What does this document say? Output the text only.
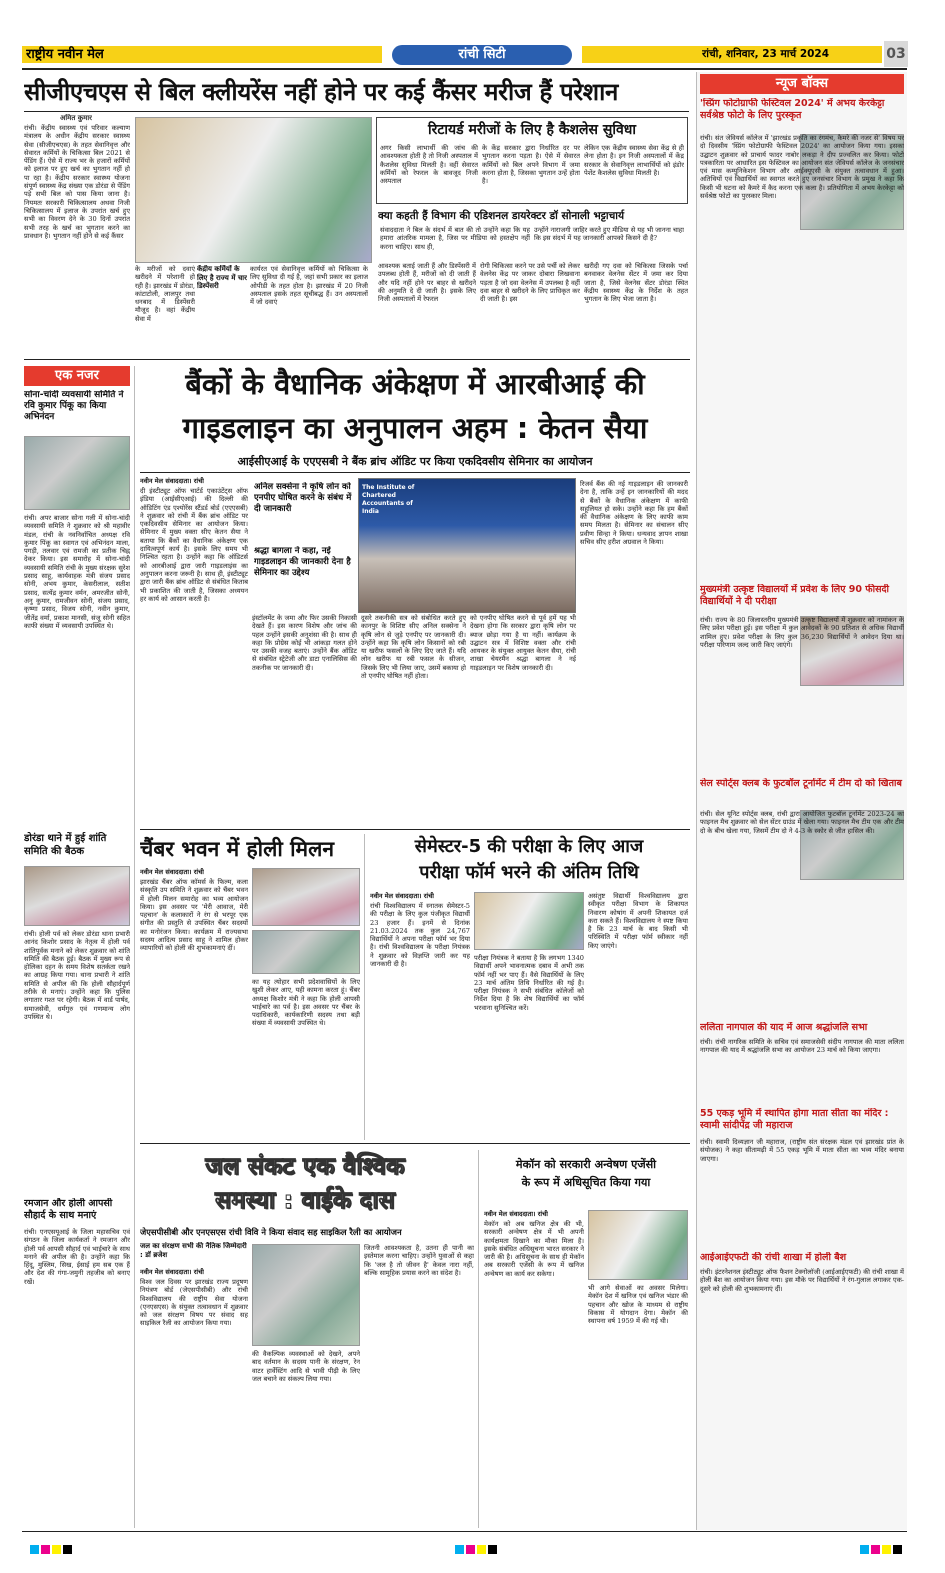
राष्ट्रीय नवीन मेल	रांची सिटी	रांची, शनिवार, 23 मार्च 2024	03
सीजीएचएस से बिल क्लीयरेंस नहीं होने पर कई कैंसर मरीज हैं परेशान
अमित कुमार
रांची। केंद्रीय स्वास्थ्य एवं परिवार कल्याण मंत्रालय के अधीन केंद्रीय सरकार स्वास्थ्य सेवा (सीजीएचएस) के तहत सेवानिवृत्त और सेवारत कर्मियों के चिकित्सा बिल 2021 से पेंडिंग हैं। ऐसे में राज्य भर के हजारों कर्मियों को इलाज पर हुए खर्च का भुगतान नहीं हो पा रहा है। केंद्रीय सरकार स्वास्थ्य योजना संपूर्ण स्वास्थ्य केंद्र संख्या एक डोरंडा से पेंडिंग पड़े सभी बिल को पास किया जाना है। नियमतः सरकारी चिकित्सालय अथवा निजी चिकित्सालय में इलाज के उपरांत खर्च हुए सभी का विवरण देने के 30 दिनों उपरांत सभी तरह के खर्च का भुगतान करने का प्रावधान है। भुगतान नहीं होने से कई कैंसर
केंद्रीय कर्मियों के लिए है राज्य में चार डिस्पेंसरी
के मरीजों को दवाएं खरीदने में परेशानी हो रही है। झारखंड में डोरंडा, कांटाटोली, लालपुर तथा धनबाद में डिस्पेंसरी मौजूद है। वहां केंद्रीय सेवा में
कार्यरत एवं सेवानिवृत्त कर्मियों को चिकित्सा के लिए सुविधा दी गई है, जहां सभी प्रकार का इलाज ओपीडी के तहत होता है। झारखंड में 20 निजी अस्पताल इसके तहत सूचीबद्ध हैं। उन अस्पतालों में जो दवाएं
रिटायर्ड मरीजों के लिए है कैशलेस सुविधा
अगर किसी लाभार्थी की जांच की आवश्यकता होती है तो निजी अस्पताल में कैशलेस सुविधा मिलती है। वहीं सेवारत कर्मियों को रेफरल के बावजूद निजी अस्पताल
के केंद्र सरकार द्वारा निर्धारित दर पर भुगतान करना पड़ता है। ऐसे में सेवारत कर्मियों को बिल अपने विभाग में जमा करना होता है, जिसका भुगतान उन्हें होता है।
लेकिन एक केंद्रीय स्वास्थ्य सेवा केंद्र से ही लेना होता है। इन निजी अस्पतालों में केंद्र सरकार के सेवानिवृत्त लाभार्थियों को इंडोर पेशेंट कैशलेस सुविधा मिलती है।
क्या कहती हैं विभाग की एडिशनल डायरेक्टर डॉ सोनाली भट्टाचार्य
संवाददाता ने बिल के संदर्भ में बात की तो उन्होंने कहा कि यह हमारा आंतरिक मामला है, जिस पर मीडिया को हस्तक्षेप नहीं करना चाहिए। साथ ही,
उन्होंने नाराजगी जाहिर करते हुए मीडिया से यह भी जानना चाहा कि इस संदर्भ में यह जानकारी आपको किसने दी है?
आवश्यक बताई जाती हैं और डिस्पेंसरी में उपलब्ध होती हैं, मरीजों को दी जाती हैं और यदि नहीं होने पर बाहर से खरीदने की अनुमति दे दी जाती है। इसके लिए निजी अस्पतालों में रेफरल
रोगी चिकित्सा करने पर उसे पर्ची को लेकर वेलनेस केंद्र पर जाकर दोबारा लिखवाना पड़ता है जो दवा वेलनेस में उपलब्ध है वहीं दवा बाहर से खरीदने के लिए प्राधिकृत कर दी जाती है। इस
खरीदी गए दवा को चिकित्सा जिसके पर्चा बनवाकर वेलनेस सेंटर में जमा कर दिया जाता है, जिसे वेलनेस सेंटर डोरंडा स्थित केंद्रीय स्वास्थ्य केंद्र के निर्देश के तहत भुगतान के लिए भेजा जाता है।
एक नजर
सोना-चांदी व्यवसायी समिति ने रवि कुमार पिंकू का किया अभिनंदन
रांची। अपर बाजार सोना गली में सोना-चांदी व्यवसायी समिति ने शुक्रवार को श्री महावीर मंडल, रांची के नवनिर्वाचित अध्यक्ष रवि कुमार पिंकू का स्वागत एवं अभिनंदन माला, पगड़ी, तलवार एवं रामजी का प्रतीक चिह्न देकर किया। इस समारोह में सोना-चांदी व्यवसायी समिति रांची के मुख्य संरक्षक सुरेश प्रसाद साहू, कार्यवाहक मंत्री संजय प्रसाद सोनी, अभय कुमार, केसरीलाल, सतीश प्रसाद, सत्येंद्र कुमार वर्मन, अमरजीत सोनी, अनु कुमार, रामजीवन सोनी, संजय प्रसाद, कृष्णा प्रसाद, विजय सोनी, नवीन कुमार, जीतेंद्र वर्मा, प्रकाश मानसी, संजू सोनी सहित काफी संख्या में व्यवसायी उपस्थित थे।
डोरंडा थाने में हुई शांति समिति की बैठक
रांची। होली पर्व को लेकर डोरंडा थाना प्रभारी आनंद किशोर प्रसाद के नेतृत्व में होली पर्व शांतिपूर्वक मनाने को लेकर शुक्रवार को शांति समिति की बैठक हुई। बैठक में मुख्य रूप से होलिका दहन के समय विशेष सतर्कता रखने का आग्रह किया गया। थाना प्रभारी ने शांति समिति से अपील की कि होली सौहार्दपूर्ण तरीके से मनाएं। उन्होंने कहा कि पुलिस लगातार गश्त पर रहेगी। बैठक में वार्ड पार्षद, समाजसेवी, धर्मगुरु एवं गणमान्य लोग उपस्थित थे।
रमजान और होली आपसी सौहार्द के साथ मनाएं
रांची। एनएसयूआई के जिला महासचिव एवं संगठन के जिला कार्यकर्ता ने रमजान और होली पर्व आपसी सौहार्द एवं भाईचारे के साथ मनाने की अपील की है। उन्होंने कहा कि हिंदू, मुस्लिम, सिख, ईसाई हम सब एक हैं और देश की गंगा-जमुनी तहजीब को बनाए रखें।
बैंकों के वैधानिक अंकेक्षण में आरबीआई की
गाइडलाइन का अनुपालन अहम : केतन सैया
आईसीएआई के एएएसबी ने बैंक ब्रांच ऑडिट पर किया एकदिवसीय सेमिनार का आयोजन
नवीन मेल संवाददाता। रांची
दी इंस्टीट्यूट ऑफ चार्टर्ड एकाउंटेंट्स ऑफ इंडिया (आईसीएआई) की दिल्ली की ऑडिटिंग एंड एश्योरेंस स्टैंडर्ड बोर्ड (एएएसबी) ने शुक्रवार को रांची में बैंक ब्रांच ऑडिट पर एकदिवसीय सेमिनार का आयोजन किया। सेमिनार में मुख्य वक्ता सीए केतन सैया ने बताया कि बैंकों का वैधानिक अंकेक्षण एक दायित्वपूर्ण कार्य है। इसके लिए समय भी निश्चित रहता है। उन्होंने कहा कि ऑडिटर्स को आरबीआई द्वारा जारी गाइडलाइंस का अनुपालन करना जरूरी है। साथ ही, इंस्टीट्यूट द्वारा जारी बैंक ब्रांच ऑडिट से संबंधित किताब भी प्रकाशित की जाती है, जिसका अध्ययन हर कार्य को आसान करती है।
अनिल सक्सेना ने कृषि लोन को एनपीए घोषित करने के संबंध में दी जानकारी
श्रद्धा बागला ने कहा, नई गाइडलाइन की जानकारी देना है सेमिनार का उद्देश्य
The Institute of Chartered Accountants of India
रिजर्व बैंक की नई गाइडलाइन की जानकारी देना है, ताकि उन्हें इन जानकारियों की मदद से बैंकों के वैधानिक अंकेक्षण में काफी सहूलियत हो सके। उन्होंने कहा कि हम बैंकों की वैधानिक अंकेक्षण के लिए काफी काम समय मिलता है। सेमिनार का संचालन सीए प्रवीण सिन्हा ने किया। धन्यवाद ज्ञापन शाखा सचिव सीए हरीश अग्रवाल ने किया।
इंस्टॉलमेंट के जमा और फिर उसकी निकासी देखते हैं। इस कारण विशेष और जांच की पहल उन्होंने इसकी अनुशंसा की है। साथ ही कहा कि प्रोग्रेस कोई भी आंकड़ा गलत होने पर उसकी वजह बताएं। उन्होंने बैंक ऑडिट से संबंधित स्ट्रेटेजी और डाटा एनालिसिस की तकनीक पर जानकारी दी।
दूसरे तकनीकी सत्र को संबोधित करते हुए कानपुर के विशिष्ट सीए अनिल सक्सेना ने कृषि लोन से जुड़े एनपीए पर जानकारी दी। उन्होंने कहा कि कृषि लोन किसानों को रबी या खरीफ फसलों के लिए दिए जाते हैं। यदि लोन खरीफ या रबी फसल के सीजन, जिसके लिए भी लिया जाए, उसमें बकाया हो तो एनपीए घोषित नहीं होता।
को एनपीए घोषित करने से पूर्व हमें यह भी देखना होगा कि सरकार द्वारा कृषि लोन पर ब्याज छोड़ा गया है या नहीं। कार्यक्रम के उद्घाटन सत्र में विशिष्ट वक्ता और रांची आयकर के संयुक्त आयुक्त केतन सैया, रांची शाखा चेयरमैन श्रद्धा बागला ने नई गाइडलाइन पर विशेष जानकारी दी।
चैंबर भवन में होली मिलन
नवीन मेल संवाददाता। रांची
झारखंड चैंबर ऑफ कॉमर्स के फिल्म, कला संस्कृति उप समिति ने शुक्रवार को चैंबर भवन में होली मिलन समारोह का भव्य आयोजन किया। इस अवसर पर 'मेरी आवाज, मेरी पहचान' के कलाकारों ने रंग से भरपूर एक संगीत की प्रस्तुति से उपस्थित चैंबर सदस्यों का मनोरंजन किया। कार्यक्रम में राज्यसभा सदस्य आदित्य प्रसाद साहू ने शामिल होकर व्यापारियों को होली की शुभकामनाएं दीं।
का यह त्योहार सभी प्रदेशवासियों के लिए खुशी लेकर आए, यही कामना करता हूं। चैंबर अध्यक्ष किशोर मंत्री ने कहा कि होली आपसी भाईचारे का पर्व है। इस अवसर पर चैंबर के पदाधिकारी, कार्यकारिणी सदस्य तथा बड़ी संख्या में व्यवसायी उपस्थित थे।
सेमेस्टर-5 की परीक्षा के लिए आज
परीक्षा फॉर्म भरने की अंतिम तिथि
नवीन मेल संवाददाता। रांची
रांची विश्वविद्यालय में स्नातक सेमेस्टर-5 की परीक्षा के लिए कुल पंजीकृत विद्यार्थी 23 हजार हैं। इनमें से दिनांक 21.03.2024 तक कुल 24,767 विद्यार्थियों ने अपना परीक्षा फॉर्म भर दिया है। रांची विश्वविद्यालय के परीक्षा नियंत्रक ने शुक्रवार को विज्ञप्ति जारी कर यह जानकारी दी है।
परीक्षा नियंत्रक ने बताया है कि लगभग 1340 विद्यार्थी अपने भावनात्मक दबाव में अभी तक फॉर्म नहीं भर पाए हैं। वैसे विद्यार्थियों के लिए 23 मार्च अंतिम तिथि निर्धारित की गई है। परीक्षा नियंत्रक ने सभी संबंधित कॉलेजों को निर्देश दिया है कि शेष विद्यार्थियों का फॉर्म भरवाना सुनिश्चित करें।
असंतुष्ट विद्यार्थी विश्वविद्यालय द्वारा स्वीकृत परीक्षा विभाग के शिकायत निवारण कोषांग में अपनी शिकायत दर्ज करा सकते हैं। विश्वविद्यालय ने स्पष्ट किया है कि 23 मार्च के बाद किसी भी परिस्थिति में परीक्षा फॉर्म स्वीकार नहीं किए जाएंगे।
जल संकट एक वैश्विक
समस्या : वाईके दास
जेएसपीसीबी और एनएसएस रांची विवि ने किया संवाद सह साइकिल रैली का आयोजन
जल का संरक्षण सभी की नैतिक जिम्मेदारी : डॉ ब्रजेश
नवीन मेल संवाददाता। रांची
विश्व जल दिवस पर झारखंड राज्य प्रदूषण नियंत्रण बोर्ड (जेएसपीसीबी) और रांची विश्वविद्यालय की राष्ट्रीय सेवा योजना (एनएसएस) के संयुक्त तत्वावधान में शुक्रवार को जल संरक्षण विषय पर संवाद सह साइकिल रैली का आयोजन किया गया।
की वैकल्पिक व्यवस्थाओं को देखने, अपने बाद वर्तमान के सदस्य पानी के संरक्षण, रेन वाटर हार्वेस्टिंग आदि से भावी पीढ़ी के लिए जल बचाने का संकल्प लिया गया।
जितनी आवश्यकता है, उतना ही पानी का इस्तेमाल करना चाहिए। उन्होंने युवाओं से कहा कि 'जल है तो जीवन है' केवल नारा नहीं, बल्कि सामूहिक प्रयास करने का संदेश है।
मेकॉन को सरकारी अन्वेषण एजेंसी
के रूप में अधिसूचित किया गया
नवीन मेल संवाददाता। रांची
मेकॉन को अब खनिज क्षेत्र की भी, सरकारी अन्वेषण क्षेत्र में भी अपनी कार्यक्षमता दिखाने का मौका मिला है। इसके संबंधित अधिसूचना भारत सरकार ने जारी की है। अधिसूचना के साथ ही मेकॉन अब सरकारी एजेंसी के रूप में खनिज अन्वेषण का कार्य कर सकेगा।
भी आगे सेवाओं का अवसर मिलेगा। मेकॉन देश में खनिज एवं खनिज भंडार की पहचान और खोज के माध्यम से राष्ट्रीय विकास में योगदान देगा। मेकॉन की स्थापना वर्ष 1959 में की गई थी।
न्यूज बॉक्स
'स्प्रिंग फोटोग्राफी फेस्टिवल 2024' में अभय केरकेट्टा सर्वश्रेष्ठ फोटो के लिए पुरस्कृत
रांची। संत जेवियर्स कॉलेज में 'झारखंड प्रकृति का रंगमंच, कैमरे की नजर से' विषय पर दो दिवसीय 'स्प्रिंग फोटोग्राफी फेस्टिवल 2024' का आयोजन किया गया। इसका उद्घाटन शुक्रवार को प्राचार्य फादर नाबोर लकड़ा ने दीप प्रज्वलित कर किया। फोटो पत्रकारिता पर आधारित इस फेस्टिवल का आयोजन संत जेवियर्स कॉलेज के जनसंचार एवं मास कम्युनिकेशन विभाग और आईक्यूएसी के संयुक्त तत्वावधान में हुआ। अतिथियों एवं विद्यार्थियों का स्वागत करते हुए जनसंचार विभाग के प्रमुख ने कहा कि किसी भी घटना को कैमरे में कैद करना एक कला है। प्रतियोगिता में अभय केरकेट्टा को सर्वश्रेष्ठ फोटो का पुरस्कार मिला।
मुख्यमंत्री उत्कृष्ट विद्यालयों में प्रवेश के लिए 90 फीसदी विद्यार्थियों ने दी परीक्षा
रांची। राज्य के 80 जिलास्तरीय मुख्यमंत्री उत्कृष्ट विद्यालयों में शुक्रवार को नामांकन के लिए प्रवेश परीक्षा हुई। इस परीक्षा में कुल आवेदकों के 90 प्रतिशत से अधिक विद्यार्थी शामिल हुए। प्रवेश परीक्षा के लिए कुल 36,230 विद्यार्थियों ने आवेदन दिया था। परीक्षा परिणाम जल्द जारी किए जाएंगे।
सेल स्पोर्ट्स क्लब के फुटबॉल टूर्नामेंट में टीम दो को खिताब
रांची। सेल यूनिट स्पोर्ट्स क्लब, रांची द्वारा आयोजित फुटबॉल टूर्नामेंट 2023-24 का फाइनल मैच शुक्रवार को सेल सेंटर ग्राउंड में खेला गया। फाइनल मैच टीम एक और टीम दो के बीच खेला गया, जिसमें टीम दो ने 4-3 के स्कोर से जीत हासिल की।
ललिता नागपाल की याद में आज श्रद्धांजलि सभा
रांची। रांची नागरिक समिति के सचिव एवं समाजसेवी संदीप नागपाल की माता ललिता नागपाल की याद में श्रद्धांजलि सभा का आयोजन 23 मार्च को किया जाएगा।
55 एकड़ भूमि में स्थापित होगा माता सीता का मंदिर : स्वामी सांदीपेंद्र जी महाराज
रांची। स्वामी दिव्यज्ञान जी महाराज, (राष्ट्रीय संत संरक्षक मंडल एवं झारखंड प्रांत के संयोजक) ने कहा सीतामढ़ी में 55 एकड़ भूमि में माता सीता का भव्य मंदिर बनाया जाएगा।
आईआईएफटी की रांची शाखा में होली बैश
रांची। इंटरनेशनल इंस्टीट्यूट ऑफ फैशन टेक्नोलॉजी (आईआईएफटी) की रांची शाखा में होली बैश का आयोजन किया गया। इस मौके पर विद्यार्थियों ने रंग-गुलाल लगाकर एक-दूसरे को होली की शुभकामनाएं दीं।
